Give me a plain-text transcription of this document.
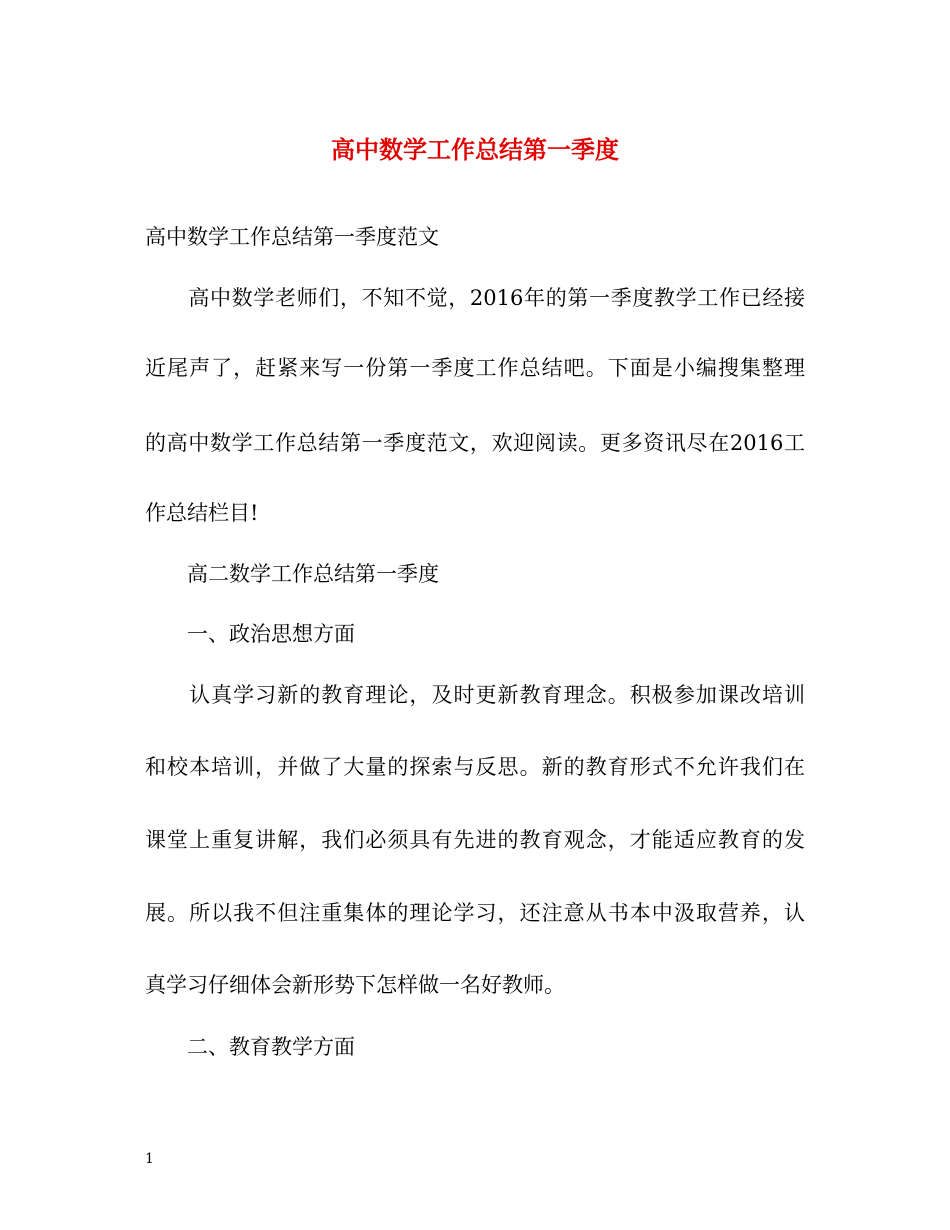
高中数学工作总结第一季度
高中数学工作总结第一季度范文
　　高中数学老师们，不知不觉，2016年的第一季度教学工作已经接
近尾声了，赶紧来写一份第一季度工作总结吧。下面是小编搜集整理
的高中数学工作总结第一季度范文，欢迎阅读。更多资讯尽在2016工
作总结栏目!
　　高二数学工作总结第一季度
　　一、政治思想方面
　　认真学习新的教育理论，及时更新教育理念。积极参加课改培训
和校本培训，并做了大量的探索与反思。新的教育形式不允许我们在
课堂上重复讲解，我们必须具有先进的教育观念，才能适应教育的发
展。所以我不但注重集体的理论学习，还注意从书本中汲取营养，认
真学习仔细体会新形势下怎样做一名好教师。
　　二、教育教学方面
1
